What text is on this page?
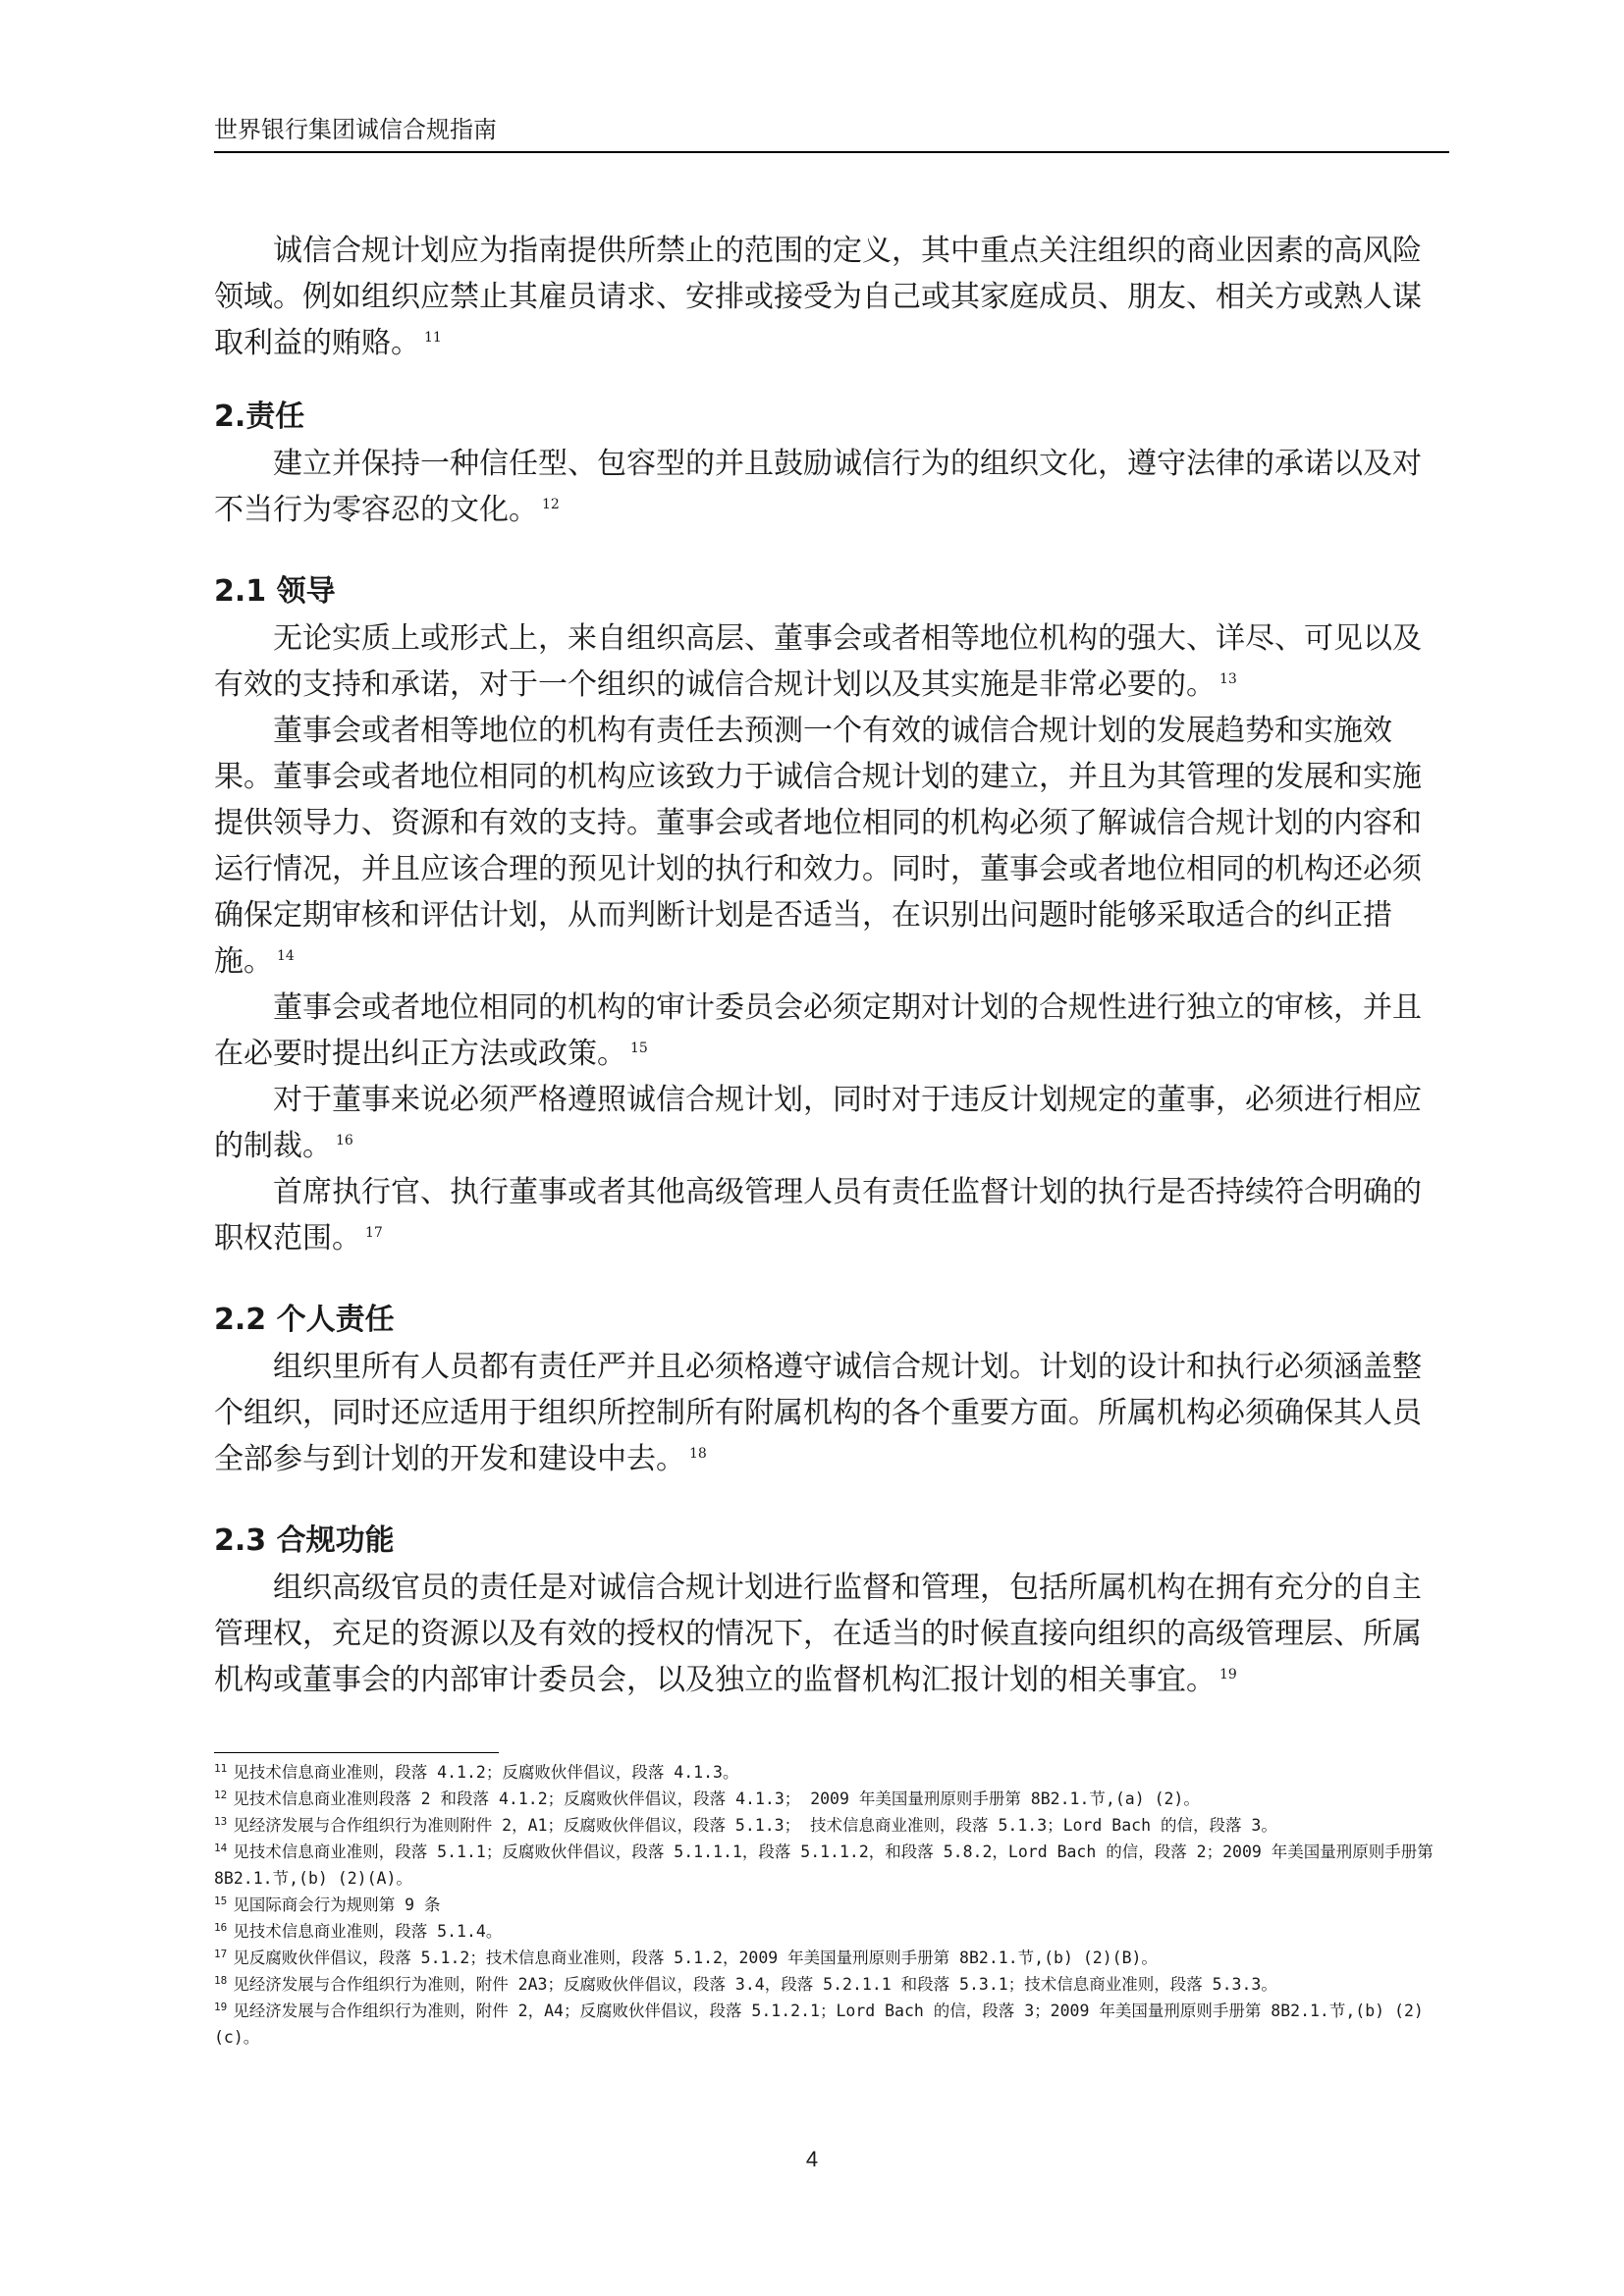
世界银行集团诚信合规指南

诚信合规计划应为指南提供所禁止的范围的定义，其中重点关注组织的商业因素的高风险领域。例如组织应禁止其雇员请求、安排或接受为自己或其家庭成员、朋友、相关方或熟人谋取利益的贿赂。 $^{11}$

2.责任

建立并保持一种信任型、包容型的并且鼓励诚信行为的组织文化，遵守法律的承诺以及对不当行为零容忍的文化。 $^{12}$

2.1 领导

无论实质上或形式上，来自组织高层、董事会或者相等地位机构的强大、详尽、可见以及有效的支持和承诺，对于一个组织的诚信合规计划以及其实施是非常必要的。 $^{13}$

董事会或者相等地位的机构有责任去预测一个有效的诚信合规计划的发展趋势和实施效果。董事会或者地位相同的机构应该致力于诚信合规计划的建立，并且为其管理的发展和实施提供领导力、资源和有效的支持。董事会或者地位相同的机构必须了解诚信合规计划的内容和运行情况，并且应该合理的预见计划的执行和效力。同时，董事会或者地位相同的机构还必须确保定期审核和评估计划，从而判断计划是否适当，在识别出问题时能够采取适合的纠正措施。 $^{14}$

董事会或者地位相同的机构的审计委员会必须定期对计划的合规性进行独立的审核，并且在必要时提出纠正方法或政策。 $^{15}$

对于董事来说必须严格遵照诚信合规计划，同时对于违反计划规定的董事，必须进行相应的制裁。 $^{16}$

首席执行官、执行董事或者其他高级管理人员有责任监督计划的执行是否持续符合明确的职权范围。 $^{17}$

2.2 个人责任

组织里所有人员都有责任严并且必须格遵守诚信合规计划。计划的设计和执行必须涵盖整个组织，同时还应适用于组织所控制所有附属机构的各个重要方面。所属机构必须确保其人员全部参与到计划的开发和建设中去。 $^{18}$

2.3 合规功能

组织高级官员的责任是对诚信合规计划进行监督和管理，包括所属机构在拥有充分的自主管理权，充足的资源以及有效的授权的情况下，在适当的时候直接向组织的高级管理层、所属机构或董事会的内部审计委员会，以及独立的监督机构汇报计划的相关事宜。 $^{19}$

$^{11}$ 见技术信息商业准则，段落 4.1.2；反腐败伙伴倡议，段落 4.1.3。

$^{12}$ 见技术信息商业准则段落 2 和段落 4.1.2；反腐败伙伴倡议，段落 4.1.3； 2009 年美国量刑原则手册第 8B2.1.节,(a) (2)。

$^{13}$ 见经济发展与合作组织行为准则附件 2，A1；反腐败伙伴倡议，段落 5.1.3； 技术信息商业准则，段落 5.1.3；Lord Bach 的信，段落 3。

$^{14}$ 见技术信息商业准则，段落 5.1.1；反腐败伙伴倡议，段落 5.1.1.1，段落 5.1.1.2，和段落 5.8.2，Lord Bach 的信，段落 2；2009 年美国量刑原则手册第 8B2.1.节,(b) (2)(A)。

$^{15}$ 见国际商会行为规则第 9 条

$^{16}$ 见技术信息商业准则，段落 5.1.4。

$^{17}$ 见反腐败伙伴倡议，段落 5.1.2；技术信息商业准则，段落 5.1.2，2009 年美国量刑原则手册第 8B2.1.节,(b) (2)(B)。

$^{18}$ 见经济发展与合作组织行为准则，附件 2A3；反腐败伙伴倡议，段落 3.4，段落 5.2.1.1 和段落 5.3.1；技术信息商业准则，段落 5.3.3。

$^{19}$ 见经济发展与合作组织行为准则，附件 2，A4；反腐败伙伴倡议，段落 5.1.2.1；Lord Bach 的信，段落 3；2009 年美国量刑原则手册第 8B2.1.节,(b) (2)(c)。

4
